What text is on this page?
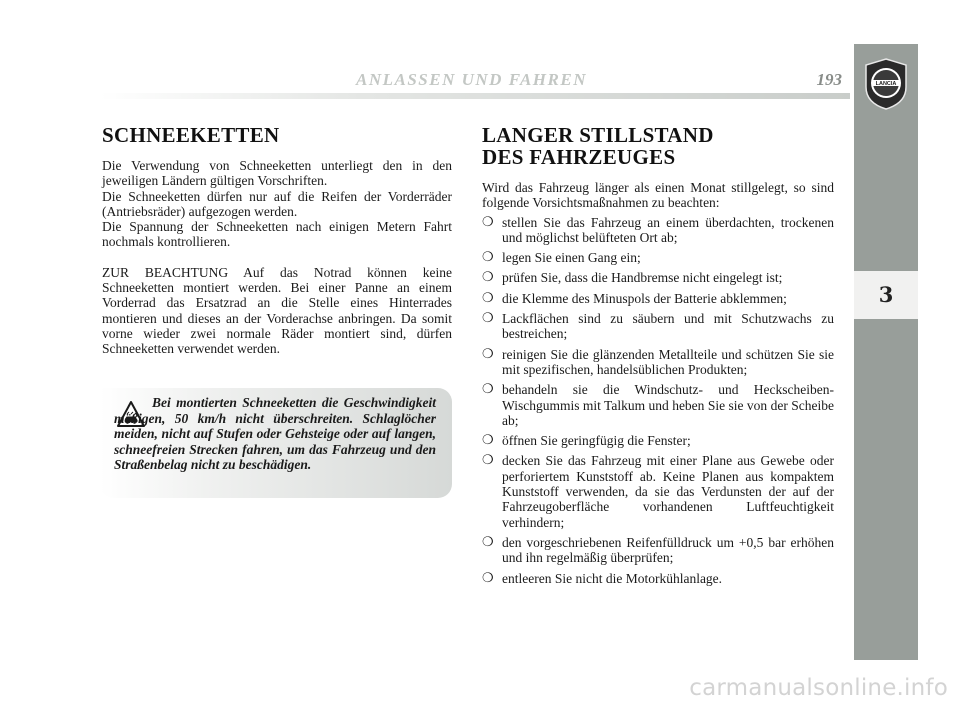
ANLASSEN UND FAHREN	193	LANCIA
3
SCHNEEKETTEN

Die Verwendung von Schneeketten unterliegt den in den jeweiligen Ländern gültigen Vorschriften.

Die Schneeketten dürfen nur auf die Reifen der Vorderräder (Antriebsräder) aufgezogen werden.

Die Spannung der Schneeketten nach einigen Metern Fahrt nochmals kontrollieren.

ZUR BEACHTUNG Auf das Notrad können keine Schneeketten montiert werden. Bei einer Panne an einem Vorderrad das Ersatzrad an die Stelle eines Hinterrades montieren und dieses an der Vorderachse anbringen. Da somit vorne wieder zwei normale Räder montiert sind, dürfen Schneeketten verwendet werden.

Bei montierten Schneeketten die Geschwindigkeit mäßigen, 50 km/h nicht überschreiten. Schlaglöcher meiden, nicht auf Stufen oder Gehsteige oder auf langen, schneefreien Strecken fahren, um das Fahrzeug und den Straßenbelag nicht zu beschädigen.
LANGER STILLSTAND
DES FAHRZEUGES

Wird das Fahrzeug länger als einen Monat stillgelegt, so sind folgende Vorsichtsmaßnahmen zu beachten:

❍ stellen Sie das Fahrzeug an einem überdachten, trockenen und möglichst belüfteten Ort ab;
❍ legen Sie einen Gang ein;
❍ prüfen Sie, dass die Handbremse nicht eingelegt ist;
❍ die Klemme des Minuspols der Batterie abklemmen;
❍ Lackflächen sind zu säubern und mit Schutzwachs zu bestreichen;
❍ reinigen Sie die glänzenden Metallteile und schützen Sie sie mit spezifischen, handelsüblichen Produkten;
❍ behandeln sie die Windschutz- und Heckscheiben-Wischgummis mit Talkum und heben Sie sie von der Scheibe ab;
❍ öffnen Sie geringfügig die Fenster;
❍ decken Sie das Fahrzeug mit einer Plane aus Gewebe oder perforiertem Kunststoff ab. Keine Planen aus kompaktem Kunststoff verwenden, da sie das Verdunsten der auf der Fahrzeugoberfläche vorhandenen Luftfeuchtigkeit verhindern;
❍ den vorgeschriebenen Reifenfülldruck um +0,5 bar erhöhen und ihn regelmäßig überprüfen;
❍ entleeren Sie nicht die Motorkühlanlage.
carmanualsonline.info
